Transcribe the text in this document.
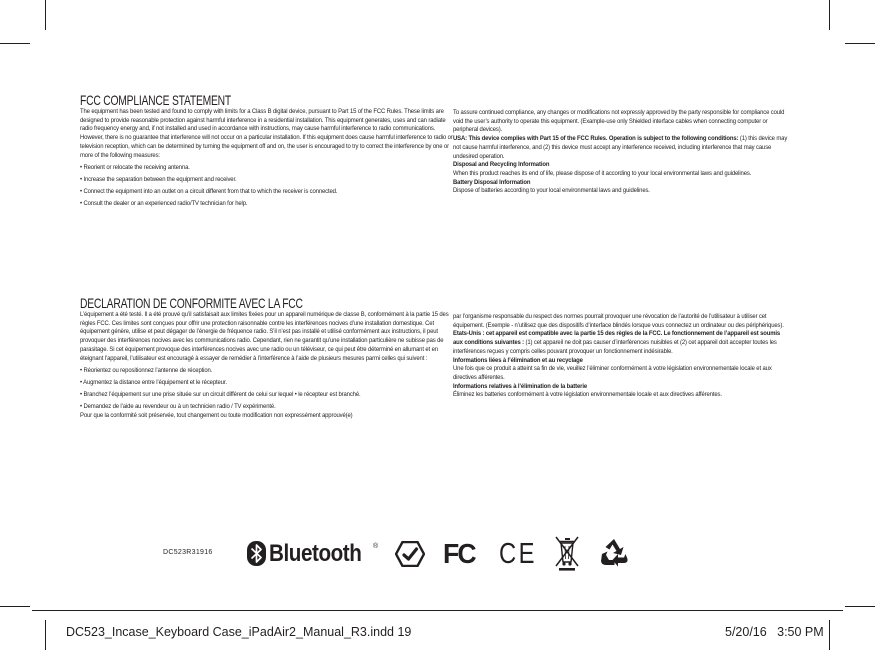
FCC COMPLIANCE STATEMENT

The equipment has been tested and found to comply with limits for a Class B digital device, pursuant to Part 15 of the FCC Rules. These limits are designed to provide reasonable protection against harmful interference in a residential installation. This equipment generates, uses and can radiate radio frequency energy and, if not installed and used in accordance with instructions, may cause harmful interference to radio communications. However, there is no guarantee that interference will not occur on a particular installation. If this equipment does cause harmful interference to radio or television reception, which can be determined by turning the equipment off and on, the user is encouraged to try to correct the interference by one or more of the following measures:

• Reorient or relocate the receiving antenna.

• Increase the separation between the equipment and receiver.

• Connect the equipment into an outlet on a circuit different from that to which the receiver is connected.

• Consult the dealer or an experienced radio/TV technician for help.

To assure continued compliance, any changes or modifications not expressly approved by the party responsible for compliance could void the user’s authority to operate this equipment. (Example-use only Shielded interface cables when connecting computer or peripheral devices).

USA: This device complies with Part 15 of the FCC Rules. Operation is subject to the following conditions: (1) this device may not cause harmful interference, and (2) this device must accept any interference received, including interference that may cause undesired operation.

Disposal and Recycling Information

When this product reaches its end of life, please dispose of it according to your local environmental laws and guidelines.

Battery Disposal Information

Dispose of batteries according to your local environmental laws and guidelines.

DECLARATION DE CONFORMITE AVEC LA FCC

L’équipement a été testé. Il a été prouvé qu’il satisfaisait aux limites fixées pour un appareil numérique de classe B, conformément à la partie 15 des règles FCC. Ces limites sont conçues pour offrir une protection raisonnable contre les interférences nocives d’une installation domestique. Cet équipement génère, utilise et peut dégager de l’énergie de fréquence radio. S’il n’est pas installé et utilisé conformément aux instructions, il peut provoquer des interférences nocives avec les communications radio. Cependant, rien ne garantit qu’une installation particulière ne subisse pas de parasitage. Si cet équipement provoque des interférences nocives avec une radio ou un téléviseur, ce qui peut être déterminé en allumant et en éteignant l’appareil, l’utilisateur est encouragé à essayer de remédier à l’interférence à l’aide de plusieurs mesures parmi celles qui suivent :

• Réorientez ou repositionnez l’antenne de réception.

• Augmentez la distance entre l’équipement et le récepteur.

• Branchez l’équipement sur une prise située sur un circuit différent de celui sur lequel • le récepteur est branché.

• Demandez de l’aide au revendeur ou à un technicien radio / TV expérimenté.

Pour que la conformité soit préservée, tout changement ou toute modification non expressément approuvé(e)

par l’organisme responsable du respect des normes pourrait provoquer une révocation de l’autorité de l’utilisateur à utiliser cet équipement. (Exemple - n’utilisez que des dispositifs d’interface blindés lorsque vous connectez un ordinateur ou des périphériques).

Etats-Unis : cet appareil est compatible avec la partie 15 des règles de la FCC. Le fonctionnement de l’appareil est soumis aux conditions suivantes : (1) cet appareil ne doit pas causer d’interférences nuisibles et (2) cet appareil doit accepter toutes les interférences reçues y compris celles pouvant provoquer un fonctionnement indésirable.

Informations liées à l’élimination et au recyclage

Une fois que ce produit a atteint sa fin de vie, veuillez l’éliminer conformément à votre législation environnementale locale et aux directives afférentes.

Informations relatives à l’élimination de la batterie

Éliminez les batteries conformément à votre législation environnementale locale et aux directives afférentes.

DC523R31916 Bluetooth ® FC CE
DC523_Incase_Keyboard Case_iPadAir2_Manual_R3.indd 19	5/20/16   3:50 PM
